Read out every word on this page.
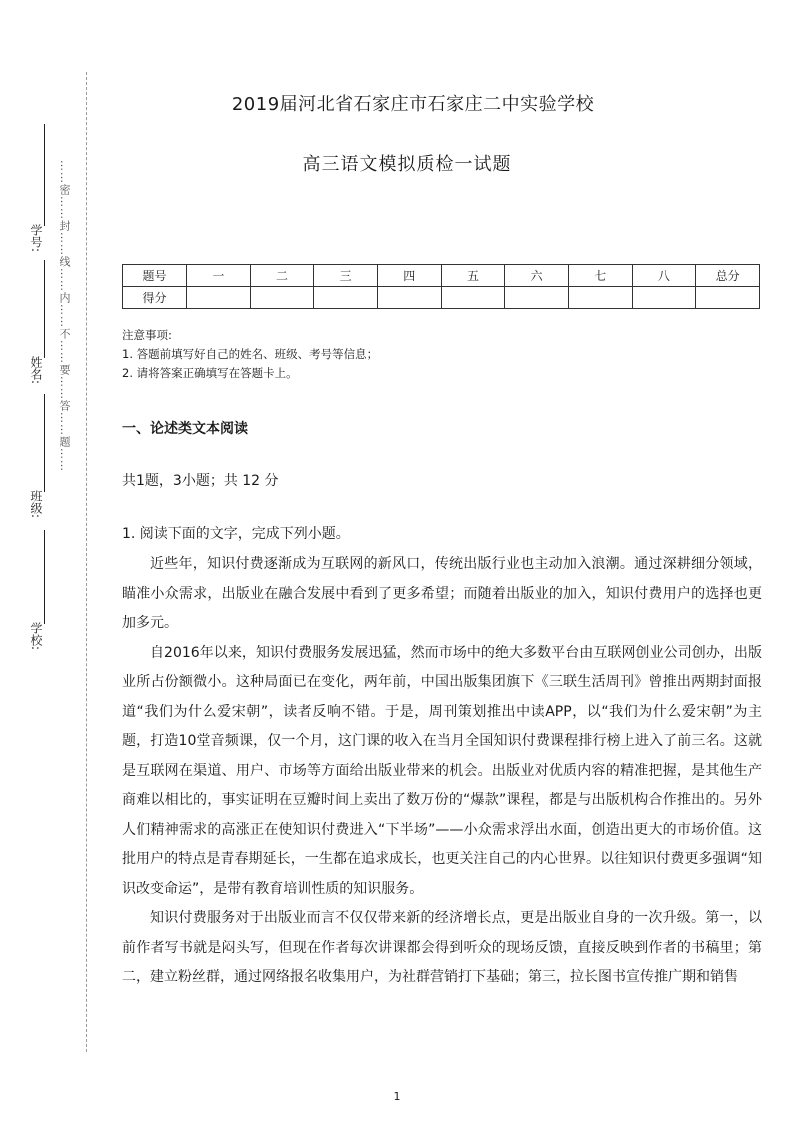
……密……封……线……内……不……要……答……题……
学号:
姓名:
班级:
学校:
2019届河北省石家庄市石家庄二中实验学校
高三语文模拟质检一试题
题号	一	二	三	四	五	六	七	八	总分
得分									
注意事项:
1. 答题前填写好自己的姓名、班级、考号等信息；
2. 请将答案正确填写在答题卡上。
一、论述类文本阅读
共1题，3小题；共 12 分
1. 阅读下面的文字，完成下列小题。

近些年，知识付费逐渐成为互联网的新风口，传统出版行业也主动加入浪潮。通过深耕细分领域，瞄准小众需求，出版业在融合发展中看到了更多希望；而随着出版业的加入，知识付费用户的选择也更加多元。

自2016年以来，知识付费服务发展迅猛，然而市场中的绝大多数平台由互联网创业公司创办，出版业所占份额微小。这种局面已在变化，两年前，中国出版集团旗下《三联生活周刊》曾推出两期封面报道“我们为什么爱宋朝”，读者反响不错。于是，周刊策划推出中读APP，以“我们为什么爱宋朝”为主题，打造10堂音频课，仅一个月，这门课的收入在当月全国知识付费课程排行榜上进入了前三名。这就是互联网在渠道、用户、市场等方面给出版业带来的机会。出版业对优质内容的精准把握，是其他生产商难以相比的，事实证明在豆瓣时间上卖出了数万份的“爆款”课程，都是与出版机构合作推出的。另外人们精神需求的高涨正在使知识付费进入“下半场”——小众需求浮出水面，创造出更大的市场价值。这批用户的特点是青春期延长，一生都在追求成长，也更关注自己的内心世界。以往知识付费更多强调“知识改变命运”，是带有教育培训性质的知识服务。

知识付费服务对于出版业而言不仅仅带来新的经济增长点，更是出版业自身的一次升级。第一，以前作者写书就是闷头写，但现在作者每次讲课都会得到听众的现场反馈，直接反映到作者的书稿里；第二，建立粉丝群，通过网络报名收集用户，为社群营销打下基础；第三，拉长图书宣传推广期和销售

1
